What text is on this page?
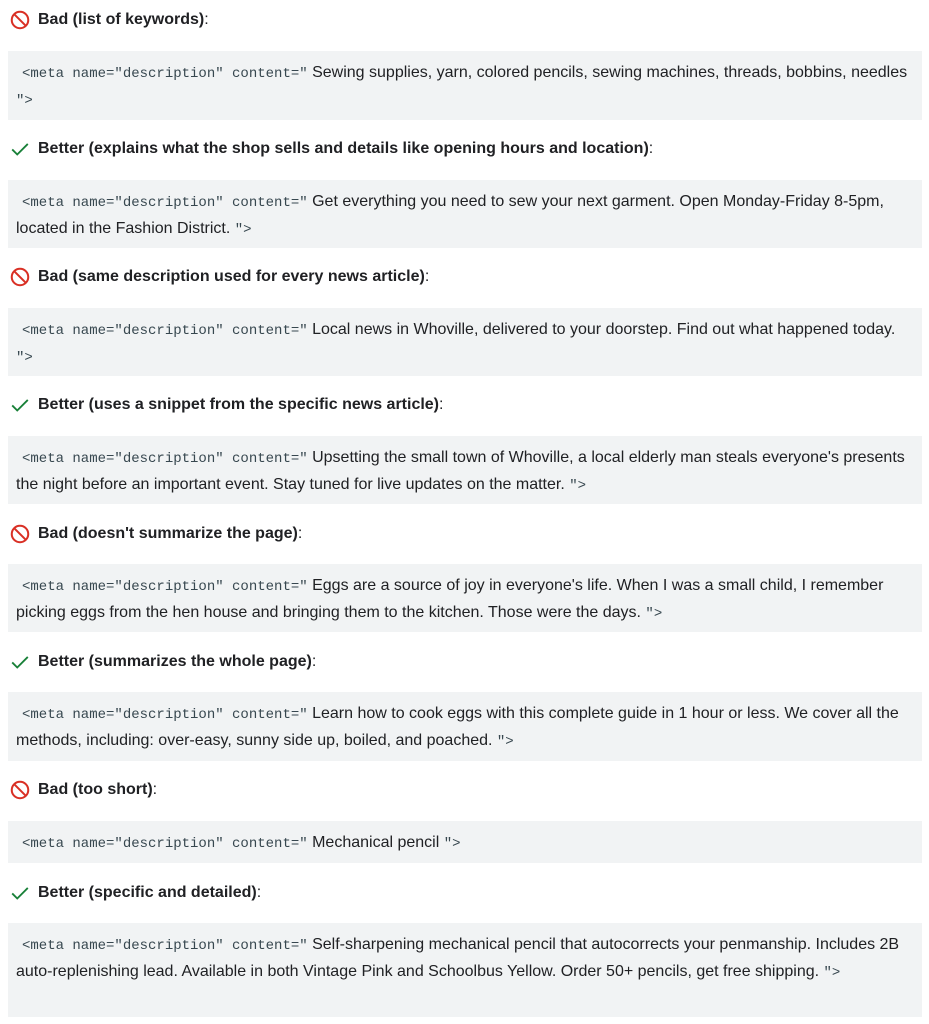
Bad (list of keywords) :
<meta name="description" content=" Sewing supplies, yarn, colored pencils, sewing machines, threads, bobbins, needles ">
Better (explains what the shop sells and details like opening hours and location) :
<meta name="description" content=" Get everything you need to sew your next garment. Open Monday-Friday 8-5pm, located in the Fashion District. ">
Bad (same description used for every news article) :
<meta name="description" content=" Local news in Whoville, delivered to your doorstep. Find out what happened today. ">
Better (uses a snippet from the specific news article) :
<meta name="description" content=" Upsetting the small town of Whoville, a local elderly man steals everyone's presents the night before an important event. Stay tuned for live updates on the matter. ">
Bad (doesn't summarize the page) :
<meta name="description" content=" Eggs are a source of joy in everyone's life. When I was a small child, I remember picking eggs from the hen house and bringing them to the kitchen. Those were the days. ">
Better (summarizes the whole page) :
<meta name="description" content=" Learn how to cook eggs with this complete guide in 1 hour or less. We cover all the methods, including: over-easy, sunny side up, boiled, and poached. ">
Bad (too short) :
<meta name="description" content=" Mechanical pencil ">
Better (specific and detailed) :
<meta name="description" content=" Self-sharpening mechanical pencil that autocorrects your penmanship. Includes 2B auto-replenishing lead. Available in both Vintage Pink and Schoolbus Yellow. Order 50+ pencils, get free shipping. ">
